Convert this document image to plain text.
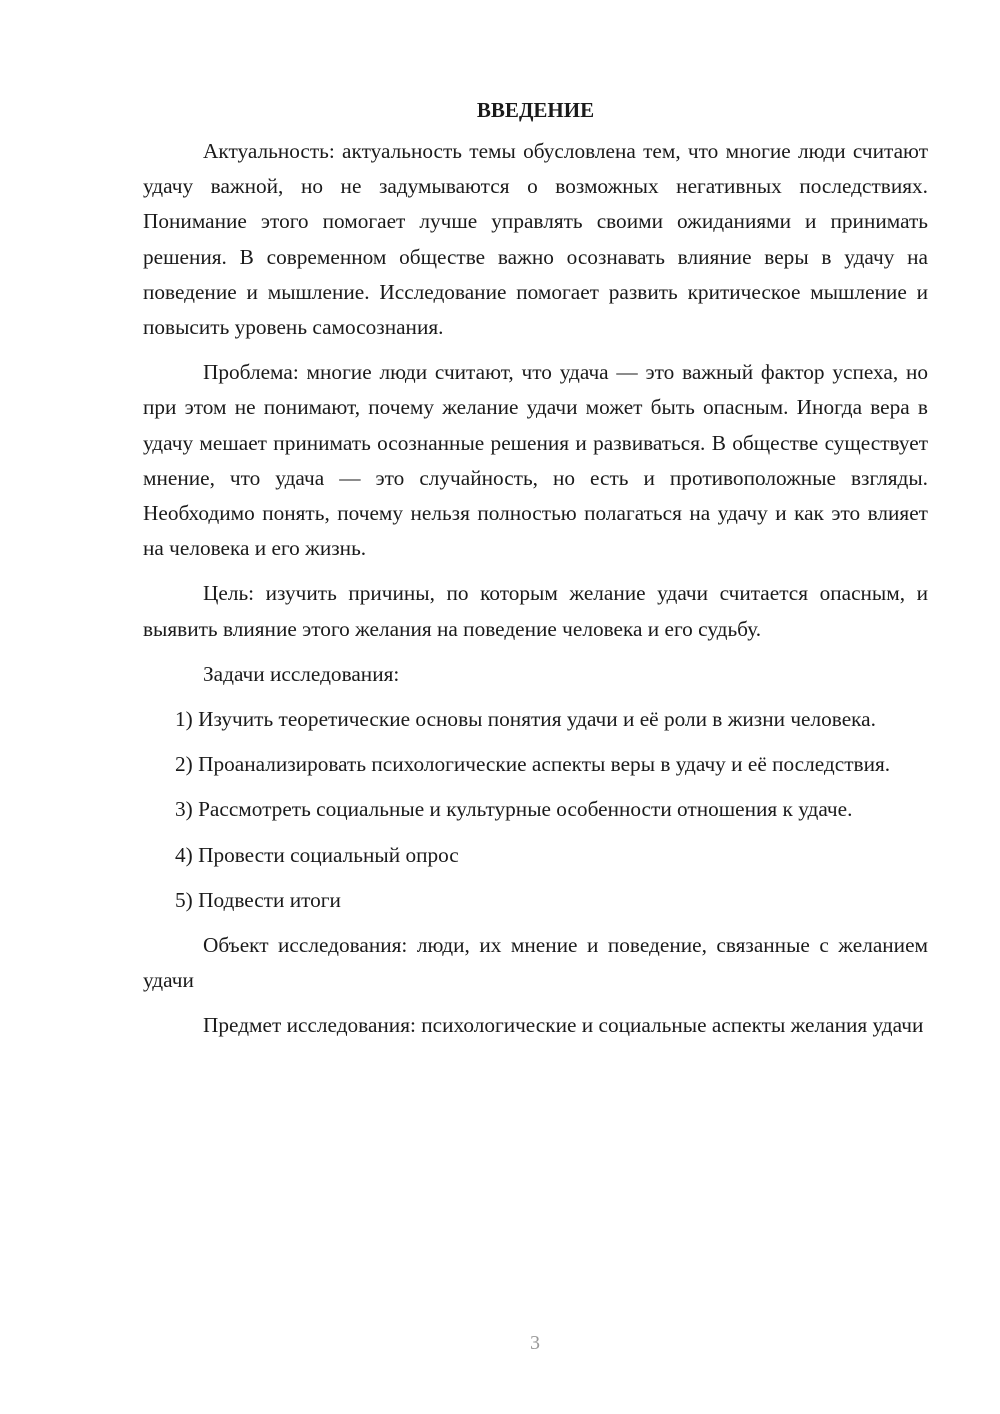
ВВЕДЕНИЕ

Актуальность: актуальность темы обусловлена тем, что многие люди считают удачу важной, но не задумываются о возможных негативных последствиях. Понимание этого помогает лучше управлять своими ожиданиями и принимать решения. В современном обществе важно осознавать влияние веры в удачу на поведение и мышление. Исследование помогает развить критическое мышление и повысить уровень самосознания.

Проблема: многие люди считают, что удача — это важный фактор успеха, но при этом не понимают, почему желание удачи может быть опасным. Иногда вера в удачу мешает принимать осознанные решения и развиваться. В обществе существует мнение, что удача — это случайность, но есть и противоположные взгляды. Необходимо понять, почему нельзя полностью полагаться на удачу и как это влияет на человека и его жизнь.

Цель: изучить причины, по которым желание удачи считается опасным, и выявить влияние этого желания на поведение человека и его судьбу.

Задачи исследования:

1) Изучить теоретические основы понятия удачи и её роли в жизни человека.

2) Проанализировать психологические аспекты веры в удачу и её последствия.

3) Рассмотреть социальные и культурные особенности отношения к удаче.

4) Провести социальный опрос

5) Подвести итоги

Объект исследования: люди, их мнение и поведение, связанные с желанием удачи

Предмет исследования: психологические и социальные аспекты желания удачи

3
